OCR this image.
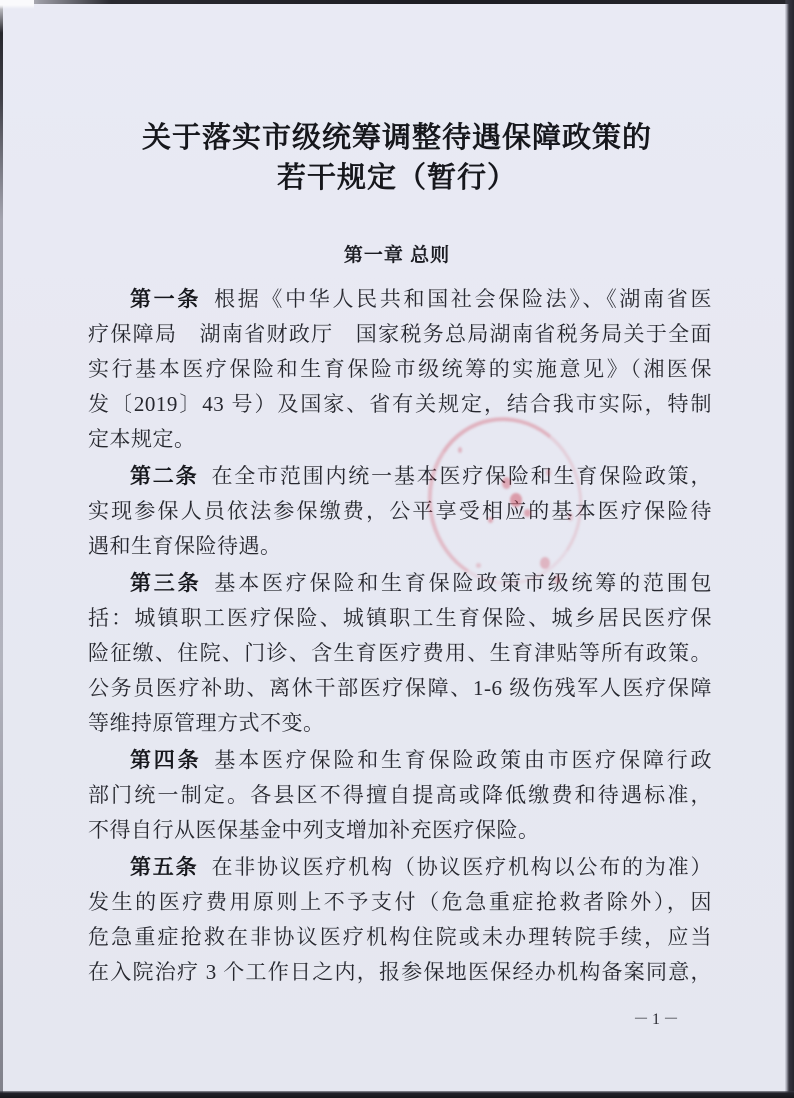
关于落实市级统筹调整待遇保障政策的
若干规定（暂行）
第一章 总则
第一条 根据《中华人民共和国社会保险法》、《湖南省医
疗保障局　湖南省财政厅　国家税务总局湖南省税务局关于全面
实行基本医疗保险和生育保险市级统筹的实施意见》（湘医保
发〔2019〕43 号）及国家、省有关规定，结合我市实际，特制
定本规定。
第二条 在全市范围内统一基本医疗保险和生育保险政策，
实现参保人员依法参保缴费，公平享受相应的基本医疗保险待
遇和生育保险待遇。
第三条 基本医疗保险和生育保险政策市级统筹的范围包
括：城镇职工医疗保险、城镇职工生育保险、城乡居民医疗保
险征缴、住院、门诊、含生育医疗费用、生育津贴等所有政策。
公务员医疗补助、离休干部医疗保障、1-6 级伤残军人医疗保障
等维持原管理方式不变。
第四条 基本医疗保险和生育保险政策由市医疗保障行政
部门统一制定。各县区不得擅自提高或降低缴费和待遇标准，
不得自行从医保基金中列支增加补充医疗保险。
第五条 在非协议医疗机构（协议医疗机构以公布的为准）
发生的医疗费用原则上不予支付（危急重症抢救者除外），因
危急重症抢救在非协议医疗机构住院或未办理转院手续，应当
在入院治疗 3 个工作日之内，报参保地医保经办机构备案同意，
－1－
